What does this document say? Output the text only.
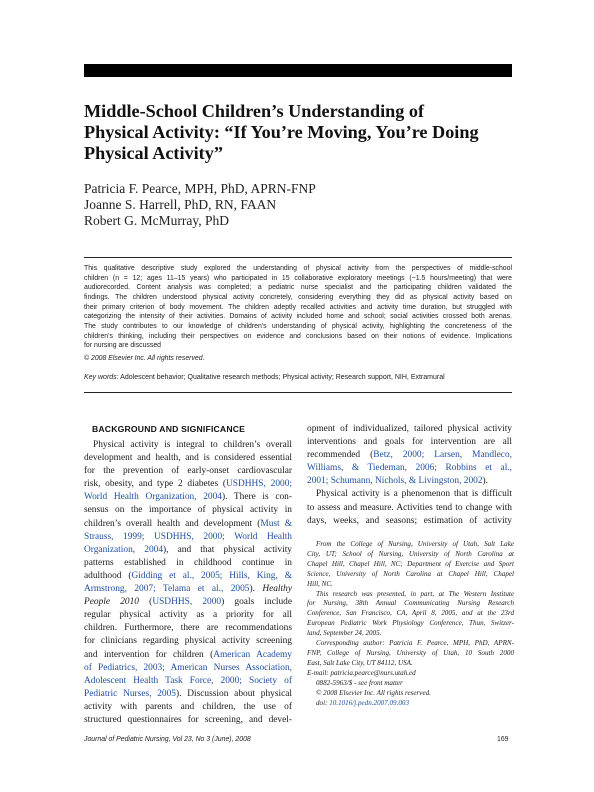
Middle-School Children’s Understanding of
Physical Activity: “If You’re Moving, You’re Doing
Physical Activity”
Patricia F. Pearce, MPH, PhD, APRN-FNP
Joanne S. Harrell, PhD, RN, FAAN
Robert G. McMurray, PhD
This qualitative descriptive study explored the understanding of physical activity from the perspectives of middle-school
children (n = 12; ages 11–15 years) who participated in 15 collaborative exploratory meetings (~1.5 hours/meeting) that were
audiorecorded. Content analysis was completed; a pediatric nurse specialist and the participating children validated the
findings. The children understood physical activity concretely, considering everything they did as physical activity based on
their primary criterion of body movement. The children adeptly recalled activities and activity time duration, but struggled with
categorizing the intensity of their activities. Domains of activity included home and school; social activities crossed both arenas.
The study contributes to our knowledge of children's understanding of physical activity, highlighting the concreteness of the
children's thinking, including their perspectives on evidence and conclusions based on their notions of evidence. Implications
for nursing are discussed
© 2008 Elsevier Inc. All rights reserved.
Key words: Adolescent behavior; Qualitative research methods; Physical activity; Research support, NIH, Extramural
BACKGROUND AND SIGNIFICANCE
Physical activity is integral to children’s overall
development and health, and is considered essential
for the prevention of early-onset cardiovascular
risk, obesity, and type 2 diabetes (USDHHS, 2000;
World Health Organization, 2004). There is con-
sensus on the importance of physical activity in
children’s overall health and development (Must &
Strauss, 1999; USDHHS, 2000; World Health
Organization, 2004), and that physical activity
patterns established in childhood continue in
adulthood (Gidding et al., 2005; Hills, King, &
Armstrong, 2007; Telama et al., 2005). Healthy
People 2010 (USDHHS, 2000) goals include
regular physical activity as a priority for all
children. Furthermore, there are recommendations
for clinicians regarding physical activity screening
and intervention for children (American Academy
of Pediatrics, 2003; American Nurses Association,
Adolescent Health Task Force, 2000; Society of
Pediatric Nurses, 2005). Discussion about physical
activity with parents and children, the use of
structured questionnaires for screening, and devel-
opment of individualized, tailored physical activity
interventions and goals for intervention are all
recommended (Betz, 2000; Larsen, Mandleco,
Williams, & Tiedeman, 2006; Robbins et al.,
2001; Schumann, Nichols, & Livingston, 2002).
Physical activity is a phenomenon that is difficult
to assess and measure. Activities tend to change with
days, weeks, and seasons; estimation of activity
From the College of Nursing, University of Utah, Salt Lake
City, UT; School of Nursing, University of North Carolina at
Chapel Hill, Chapel Hill, NC; Department of Exercise and Sport
Science, University of North Carolina at Chapel Hill, Chapel
Hill, NC.
This research was presented, in part, at The Western Institute
for Nursing, 38th Annual Communicating Nursing Research
Conference, San Francisco, CA, April 8, 2005, and at the 23rd
European Pediatric Work Physiology Conference, Thun, Switzer-
land, September 24, 2005.
Corresponding author: Patricia F. Pearce, MPH, PhD, APRN-
FNP, College of Nursing, University of Utah, 10 South 2000
East, Salt Lake City, UT 84112, USA.
E-mail: patricia.pearce@nurs.utah.ed
0882-5963/$ - see front matter
© 2008 Elsevier Inc. All rights reserved.
doi: 10.1016/j.pedn.2007.09.003
Journal of Pediatric Nursing, Vol 23, No 3 (June), 2008	169
